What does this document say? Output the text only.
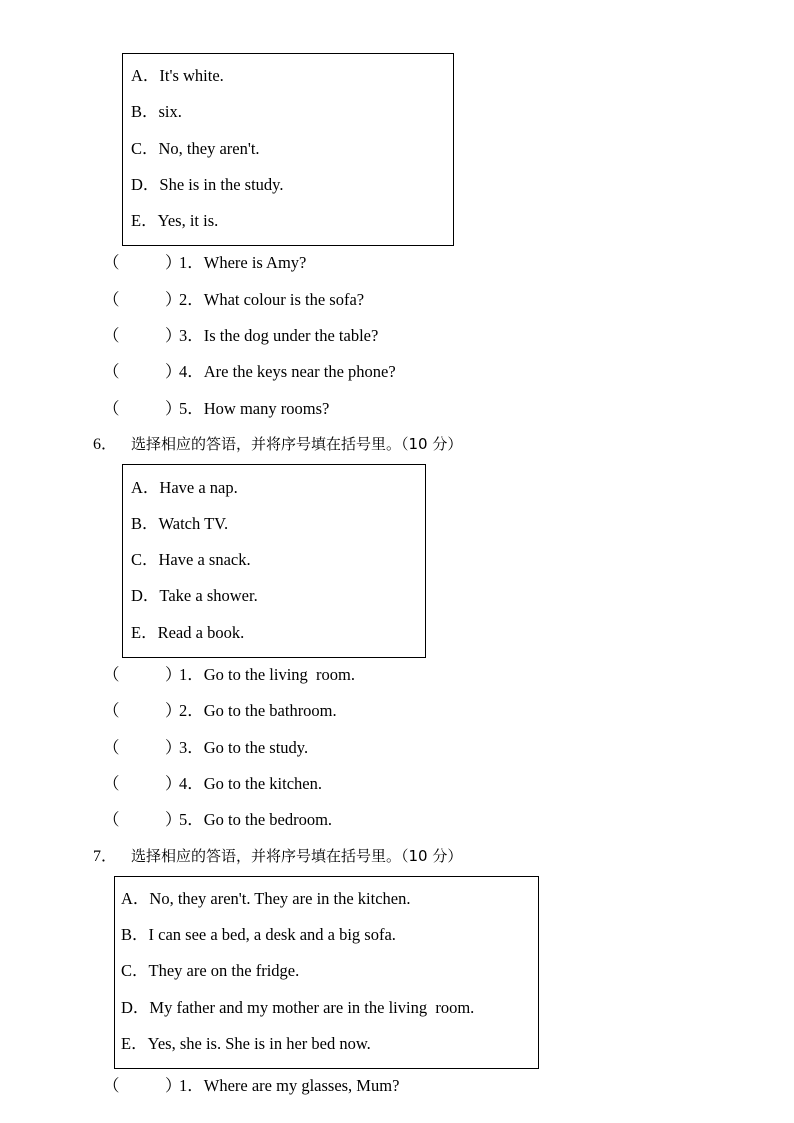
A．It's white.
B．six.
C．No, they aren't.
D．She is in the study.
E．Yes, it is.
（	）1．Where is Amy?
（	）2．What colour is the sofa?
（	）3．Is the dog under the table?
（	）4．Are the keys near the phone?
（	）5．How many rooms?
6． 选择相应的答语，并将序号填在括号里。（10 分）
A．Have a nap.
B．Watch TV.
C．Have a snack.
D．Take a shower.
E．Read a book.
（	）1．Go to the living  room.
（	）2．Go to the bathroom.
（	）3．Go to the study.
（	）4．Go to the kitchen.
（	）5．Go to the bedroom.
7． 选择相应的答语，并将序号填在括号里。（10 分）
A．No, they aren't. They are in the kitchen.
B．I can see a bed, a desk and a big sofa.
C．They are on the fridge.
D．My father and my mother are in the living  room.
E．Yes, she is. She is in her bed now.
（	）1．Where are my glasses, Mum?
